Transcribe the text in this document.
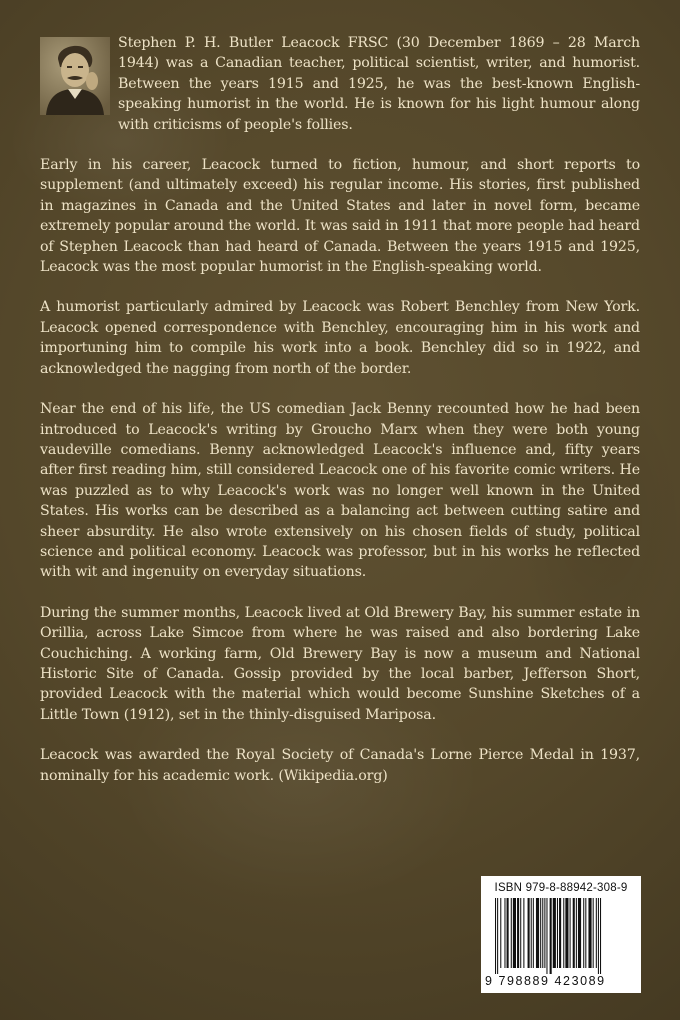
Stephen P. H. Butler Leacock FRSC (30 December 1869 – 28 March 1944) was a Canadian teacher, political scientist, writer, and humorist. Between the years 1915 and 1925, he was the best-known English-speaking humorist in the world. He is known for his light humour along with criticisms of people's follies.

Early in his career, Leacock turned to fiction, humour, and short reports to supplement (and ultimately exceed) his regular income. His stories, first published in magazines in Canada and the United States and later in novel form, became extremely popular around the world. It was said in 1911 that more people had heard of Stephen Leacock than had heard of Canada. Between the years 1915 and 1925, Leacock was the most popular humorist in the English-speaking world.

A humorist particularly admired by Leacock was Robert Benchley from New York. Leacock opened correspondence with Benchley, encouraging him in his work and importuning him to compile his work into a book. Benchley did so in 1922, and acknowledged the nagging from north of the border.

Near the end of his life, the US comedian Jack Benny recounted how he had been introduced to Leacock's writing by Groucho Marx when they were both young vaudeville comedians. Benny acknowledged Leacock's influence and, fifty years after first reading him, still considered Leacock one of his favorite comic writers. He was puzzled as to why Leacock's work was no longer well known in the United States. His works can be described as a balancing act between cutting satire and sheer absurdity. He also wrote extensively on his chosen fields of study, political science and political economy. Leacock was professor, but in his works he reflected with wit and ingenuity on everyday situations.

During the summer months, Leacock lived at Old Brewery Bay, his summer estate in Orillia, across Lake Simcoe from where he was raised and also bordering Lake Couchiching. A working farm, Old Brewery Bay is now a museum and National Historic Site of Canada. Gossip provided by the local barber, Jefferson Short, provided Leacock with the material which would become Sunshine Sketches of a Little Town (1912), set in the thinly-disguised Mariposa.

Leacock was awarded the Royal Society of Canada's Lorne Pierce Medal in 1937, nominally for his academic work. (Wikipedia.org)

ISBN 979-8-88942-308-9
9 798889 423089
